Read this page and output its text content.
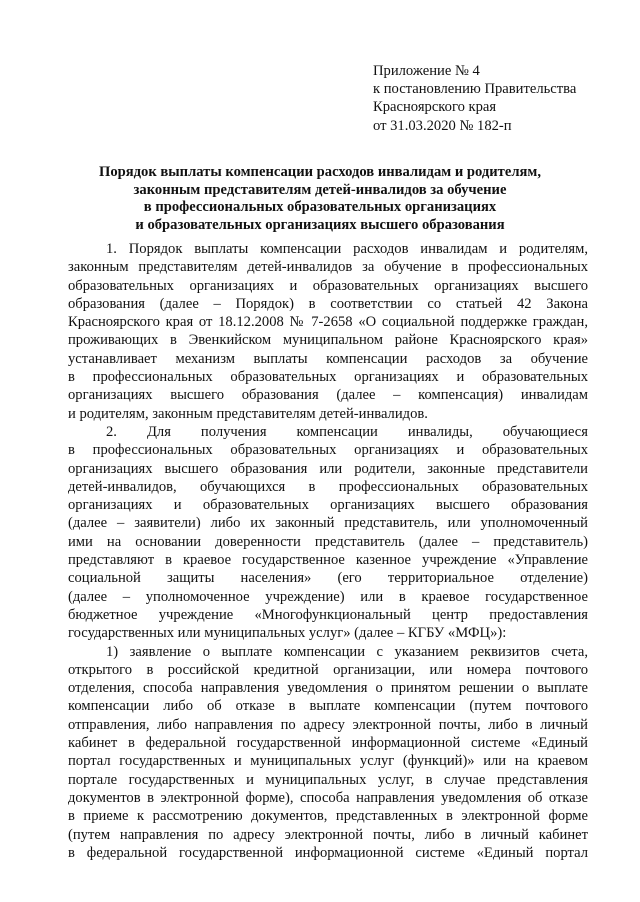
Приложение № 4
к постановлению Правительства
Красноярского края
от 31.03.2020 № 182-п
Порядок выплаты компенсации расходов инвалидам и родителям,
законным представителям детей-инвалидов за обучение
в профессиональных образовательных организациях
и образовательных организациях высшего образования
1. Порядок выплаты компенсации расходов инвалидам и родителям,
законным представителям детей-инвалидов за обучение в профессиональных
образовательных организациях и образовательных организациях высшего
образования (далее – Порядок) в соответствии со статьей 42 Закона
Красноярского края от 18.12.2008 № 7-2658 «О социальной поддержке граждан,
проживающих в Эвенкийском муниципальном районе Красноярского края»
устанавливает механизм выплаты компенсации расходов за обучение
в профессиональных образовательных организациях и образовательных
организациях высшего образования (далее – компенсация) инвалидам
и родителям, законным представителям детей-инвалидов.
2. Для получения компенсации инвалиды, обучающиеся
в профессиональных образовательных организациях и образовательных
организациях высшего образования или родители, законные представители
детей-инвалидов, обучающихся в профессиональных образовательных
организациях и образовательных организациях высшего образования
(далее – заявители) либо их законный представитель, или уполномоченный
ими на основании доверенности представитель (далее – представитель)
представляют в краевое государственное казенное учреждение «Управление
социальной защиты населения» (его территориальное отделение)
(далее – уполномоченное учреждение) или в краевое государственное
бюджетное учреждение «Многофункциональный центр предоставления
государственных или муниципальных услуг» (далее – КГБУ «МФЦ»):
1) заявление о выплате компенсации с указанием реквизитов счета,
открытого в российской кредитной организации, или номера почтового
отделения, способа направления уведомления о принятом решении о выплате
компенсации либо об отказе в выплате компенсации (путем почтового
отправления, либо направления по адресу электронной почты, либо в личный
кабинет в федеральной государственной информационной системе «Единый
портал государственных и муниципальных услуг (функций)» или на краевом
портале государственных и муниципальных услуг, в случае представления
документов в электронной форме), способа направления уведомления об отказе
в приеме к рассмотрению документов, представленных в электронной форме
(путем направления по адресу электронной почты, либо в личный кабинет
в федеральной государственной информационной системе «Единый портал
